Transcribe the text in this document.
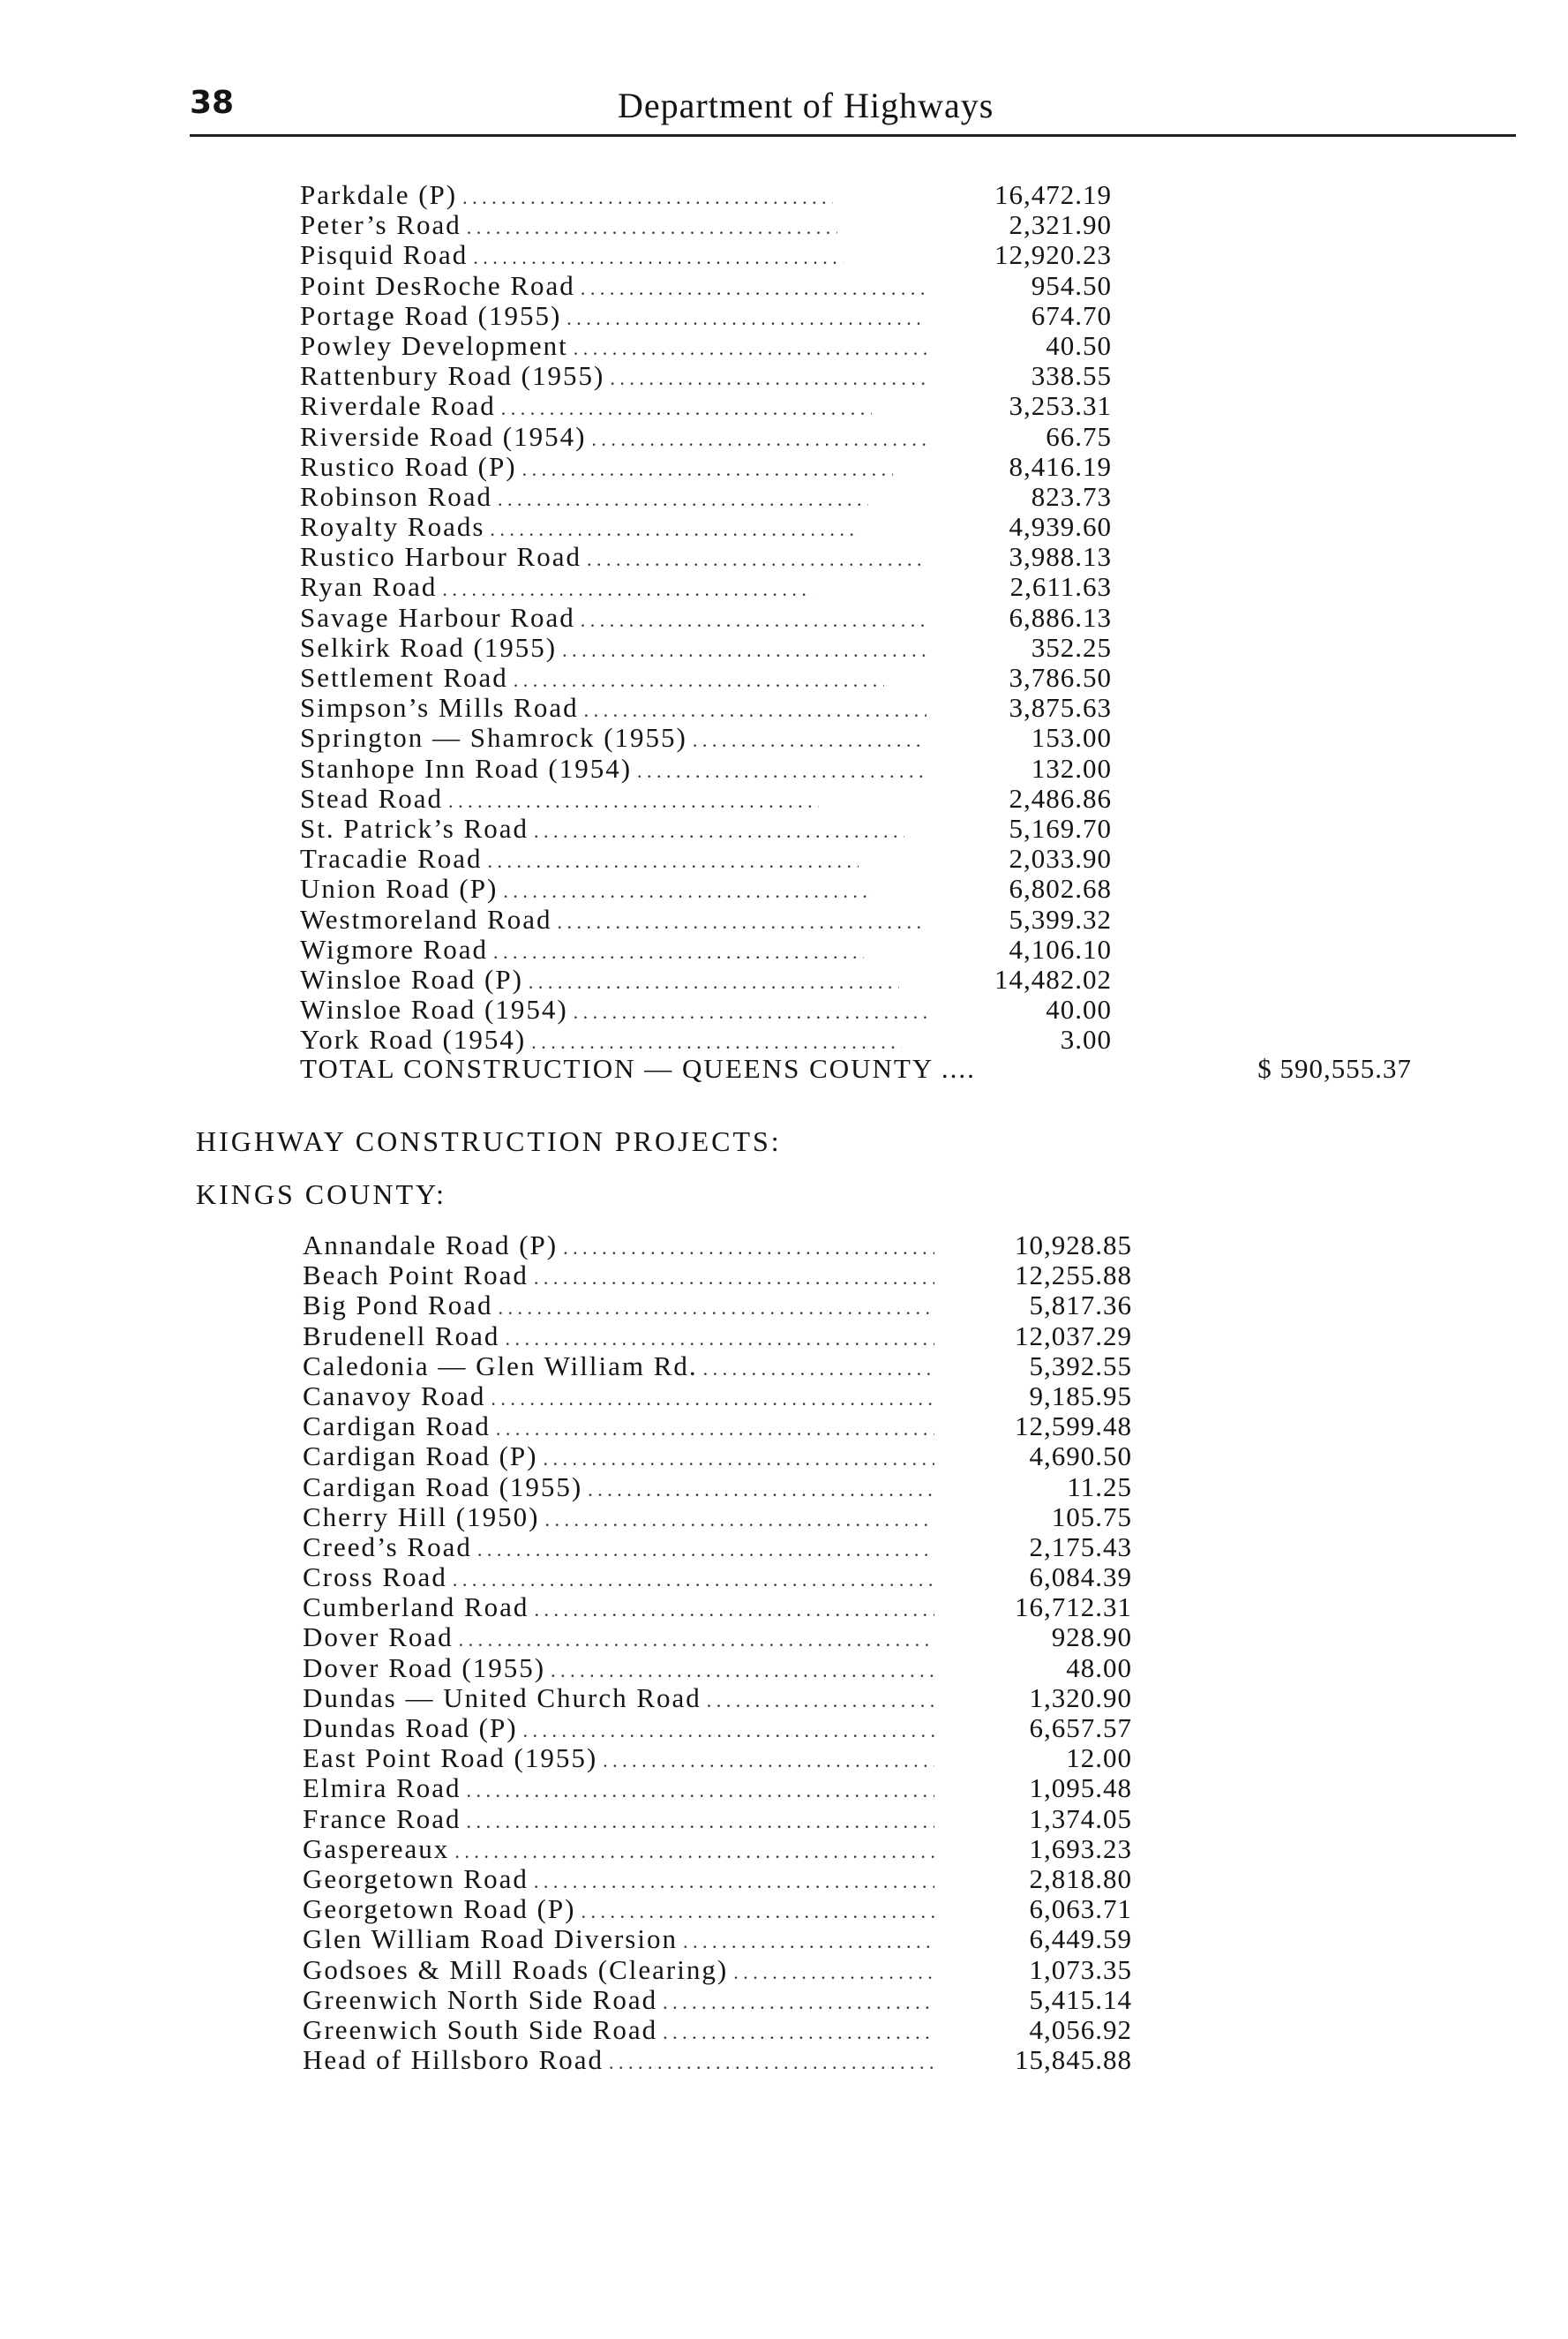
38	Department of Highways
Parkdale (P) . . .	16,472.19
Peter’s Road . . .	2,321.90
Pisquid Road . . .	12,920.23
Point DesRoche Road . . .	954.50
Portage Road (1955) . . .	674.70
Powley Development . . .	40.50
Rattenbury Road (1955) . . .	338.55
Riverdale Road . . .	3,253.31
Riverside Road (1954) . . .	66.75
Rustico Road (P) . . .	8,416.19
Robinson Road . . .	823.73
Royalty Roads . . .	4,939.60
Rustico Harbour Road . . .	3,988.13
Ryan Road . . .	2,611.63
Savage Harbour Road . . .	6,886.13
Selkirk Road (1955) . . .	352.25
Settlement Road . . .	3,786.50
Simpson’s Mills Road . . .	3,875.63
Springton — Shamrock (1955) . . .	153.00
Stanhope Inn Road (1954) . . .	132.00
Stead Road . . .	2,486.86
St. Patrick’s Road . . .	5,169.70
Tracadie Road . . .	2,033.90
Union Road (P) . . .	6,802.68
Westmoreland Road . . .	5,399.32
Wigmore Road . . .	4,106.10
Winsloe Road (P) . . .	14,482.02
Winsloe Road (1954) . . .	40.00
York Road (1954) . . .	3.00
TOTAL CONSTRUCTION — QUEENS COUNTY ....	$ 590,555.37
HIGHWAY CONSTRUCTION PROJECTS:
KINGS COUNTY:
Annandale Road (P) . . .	10,928.85
Beach Point Road . . .	12,255.88
Big Pond Road . . .	5,817.36
Brudenell Road . . .	12,037.29
Caledonia — Glen William Rd. . . .	5,392.55
Canavoy Road . . .	9,185.95
Cardigan Road . . .	12,599.48
Cardigan Road (P) . . .	4,690.50
Cardigan Road (1955) . . .	11.25
Cherry Hill (1950) . . .	105.75
Creed’s Road . . .	2,175.43
Cross Road . . .	6,084.39
Cumberland Road . . .	16,712.31
Dover Road . . .	928.90
Dover Road (1955) . . .	48.00
Dundas — United Church Road . . .	1,320.90
Dundas Road (P) . . .	6,657.57
East Point Road (1955) . . .	12.00
Elmira Road . . .	1,095.48
France Road . . .	1,374.05
Gaspereaux . . .	1,693.23
Georgetown Road . . .	2,818.80
Georgetown Road (P) . . .	6,063.71
Glen William Road Diversion . . .	6,449.59
Godsoes & Mill Roads (Clearing) . . .	1,073.35
Greenwich North Side Road . . .	5,415.14
Greenwich South Side Road . . .	4,056.92
Head of Hillsboro Road . . .	15,845.88
